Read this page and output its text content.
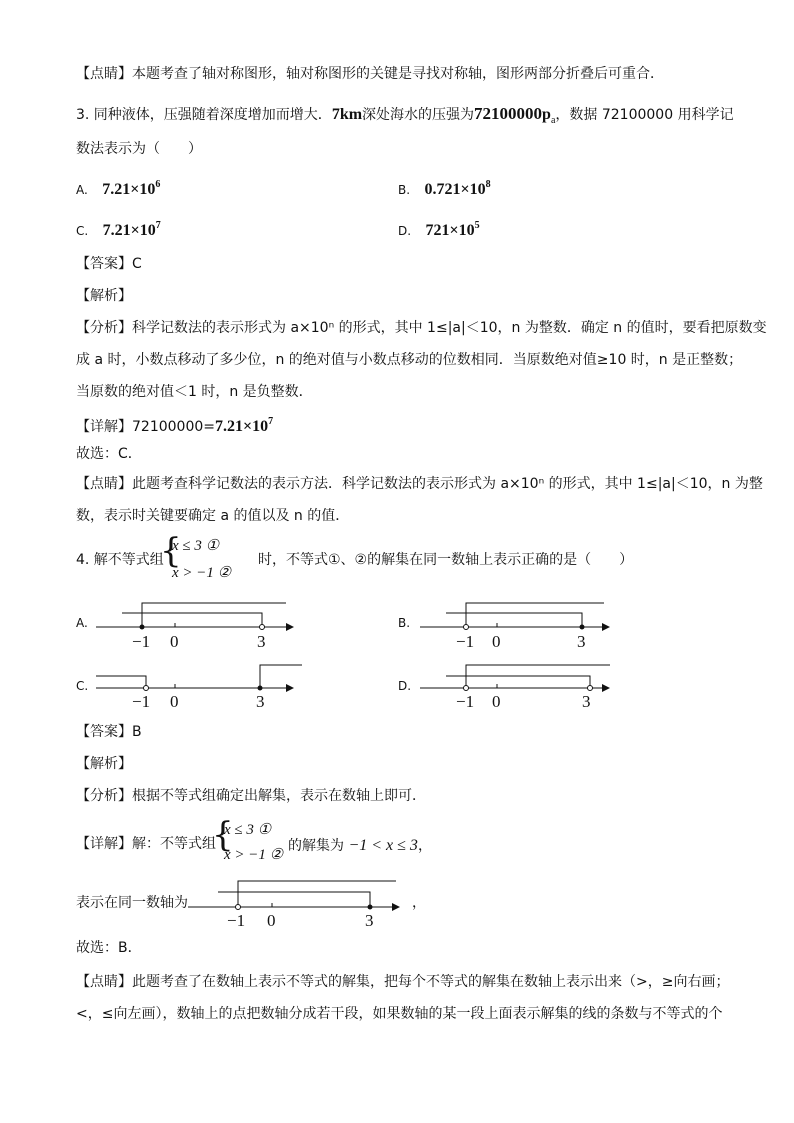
【点睛】本题考查了轴对称图形，轴对称图形的关键是寻找对称轴，图形两部分折叠后可重合．
3. 同种液体，压强随着深度增加而增大．7km深处海水的压强为$72100000p_a$，数据 72100000 用科学记
数法表示为（　　）
A. $7.21\times 10^6$	B. $0.721\times 10^8$
C. $7.21\times 10^7$	D. $721\times 10^5$
【答案】C
【解析】
【分析】科学记数法的表示形式为 a×10ⁿ 的形式，其中 1≤|a|＜10，n 为整数．确定 n 的值时，要看把原数变
成 a 时，小数点移动了多少位，n 的绝对值与小数点移动的位数相同．当原数绝对值≥10 时，n 是正整数；
当原数的绝对值＜1 时，n 是负整数．
【详解】$72100000=7.21\times 10^7$
故选：C．
【点睛】此题考查科学记数法的表示方法．科学记数法的表示形式为 a×10ⁿ 的形式，其中 1≤|a|＜10，n 为整
数，表示时关键要确定 a 的值以及 n 的值．
4. 解不等式组
{
x ≤ 3 ①
x > −1 ②
时，不等式①、②的解集在同一数轴上表示正确的是（　　）
A.	B.
C.	D.
−1 0	3	−1 0	3
−1 0	3	−1 0	3
−1 0	3
【答案】B
【解析】
【分析】根据不等式组确定出解集，表示在数轴上即可．
【详解】解：不等式组
{
x ≤ 3 ①
x > −1 ②
的解集为 −1 < x ≤ 3，
表示在同一数轴为	，
故选：B．
【点睛】此题考查了在数轴上表示不等式的解集，把每个不等式的解集在数轴上表示出来（>，≥向右画；
<，≤向左画），数轴上的点把数轴分成若干段，如果数轴的某一段上面表示解集的线的条数与不等式的个
